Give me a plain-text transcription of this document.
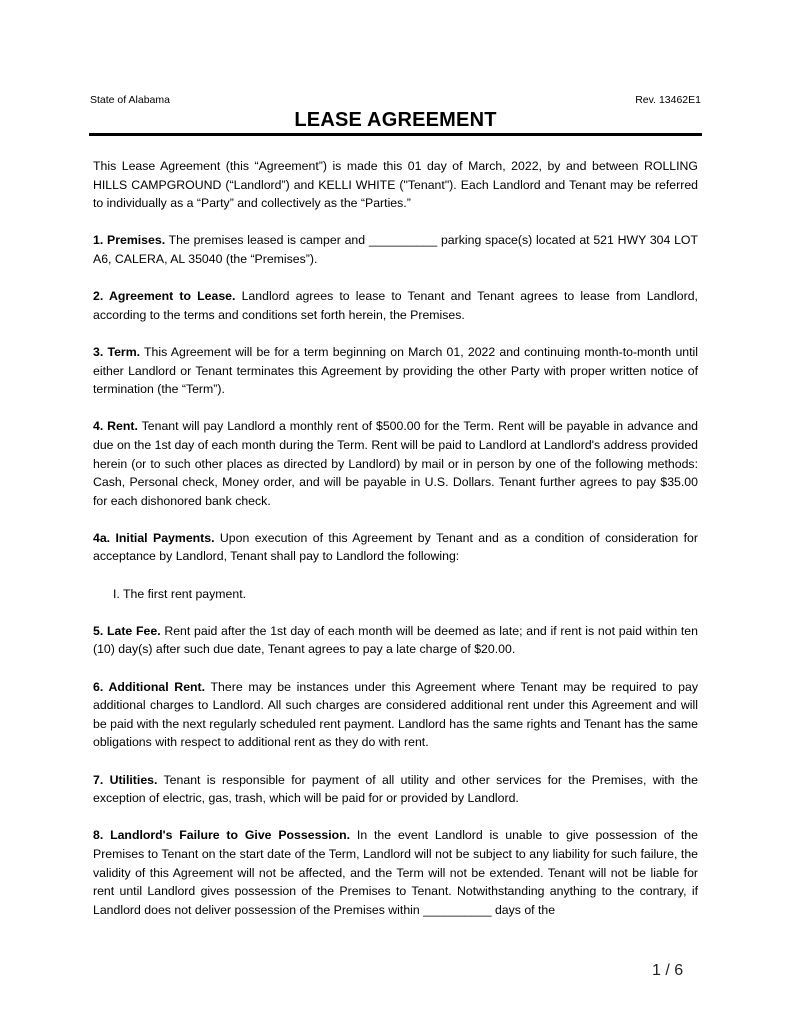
State of Alabama	Rev. 13462E1
LEASE AGREEMENT

This Lease Agreement (this “Agreement”) is made this 01 day of March, 2022, by and between ROLLING HILLS CAMPGROUND (“Landlord”) and KELLI WHITE ("Tenant"). Each Landlord and Tenant may be referred to individually as a “Party” and collectively as the “Parties.”

1. Premises. The premises leased is camper and __________ parking space(s) located at 521 HWY 304 LOT A6, CALERA, AL 35040 (the “Premises”).

2. Agreement to Lease. Landlord agrees to lease to Tenant and Tenant agrees to lease from Landlord, according to the terms and conditions set forth herein, the Premises.

3. Term. This Agreement will be for a term beginning on March 01, 2022 and continuing month-to-month until either Landlord or Tenant terminates this Agreement by providing the other Party with proper written notice of termination (the “Term”).

4. Rent. Tenant will pay Landlord a monthly rent of $500.00 for the Term. Rent will be payable in advance and due on the 1st day of each month during the Term. Rent will be paid to Landlord at Landlord's address provided herein (or to such other places as directed by Landlord) by mail or in person by one of the following methods: Cash, Personal check, Money order, and will be payable in U.S. Dollars. Tenant further agrees to pay $35.00 for each dishonored bank check.

4a. Initial Payments. Upon execution of this Agreement by Tenant and as a condition of consideration for acceptance by Landlord, Tenant shall pay to Landlord the following:

I. The first rent payment.

5. Late Fee. Rent paid after the 1st day of each month will be deemed as late; and if rent is not paid within ten (10) day(s) after such due date, Tenant agrees to pay a late charge of $20.00.

6. Additional Rent. There may be instances under this Agreement where Tenant may be required to pay additional charges to Landlord. All such charges are considered additional rent under this Agreement and will be paid with the next regularly scheduled rent payment. Landlord has the same rights and Tenant has the same obligations with respect to additional rent as they do with rent.

7. Utilities. Tenant is responsible for payment of all utility and other services for the Premises, with the exception of electric, gas, trash, which will be paid for or provided by Landlord.

8. Landlord's Failure to Give Possession. In the event Landlord is unable to give possession of the Premises to Tenant on the start date of the Term, Landlord will not be subject to any liability for such failure, the validity of this Agreement will not be affected, and the Term will not be extended. Tenant will not be liable for rent until Landlord gives possession of the Premises to Tenant. Notwithstanding anything to the contrary, if Landlord does not deliver possession of the Premises within __________ days of the

1 / 6
